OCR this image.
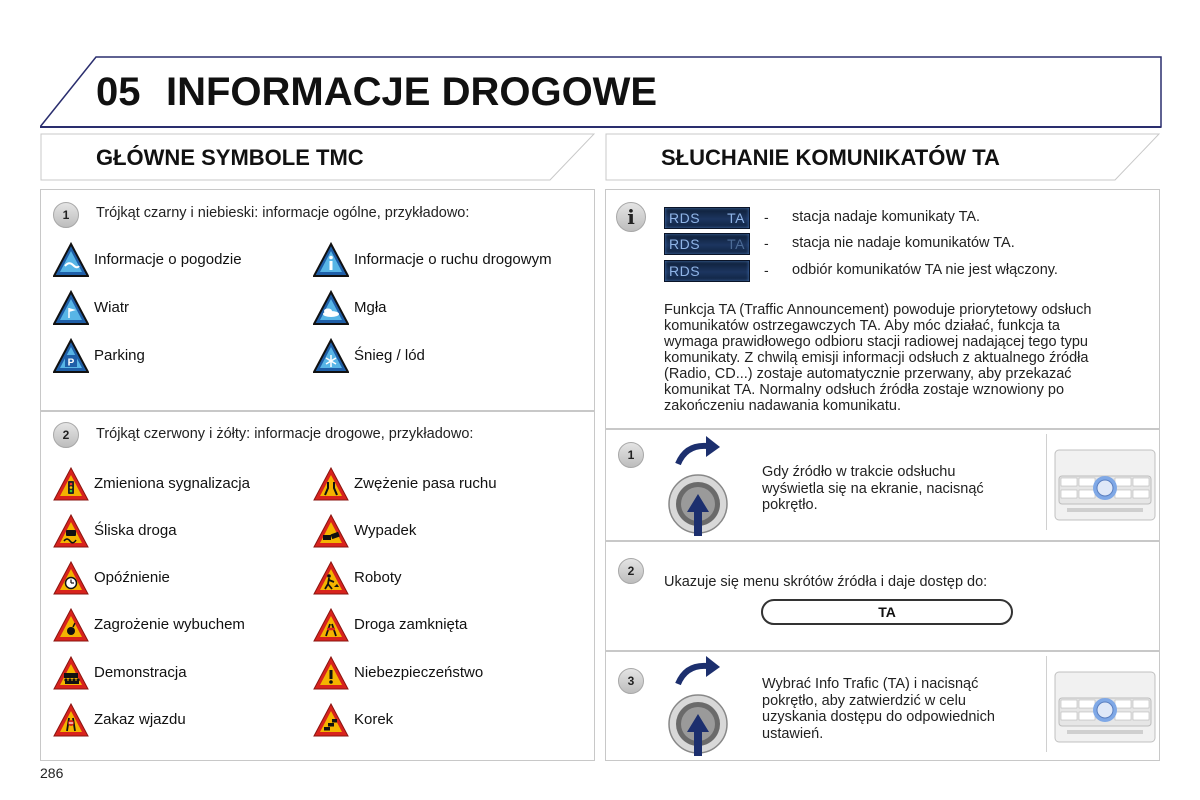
05 INFORMACJE DROGOWE
GŁÓWNE SYMBOLE TMC	SŁUCHANIE KOMUNIKATÓW TA
1	Trójkąt czarny i niebieski: informacje ogólne, przykładowo:
Informacje o pogodzie	Informacje o ruchu drogowym
Wiatr	Mgła
P Parking	Śnieg / lód
2	Trójkąt czerwony i żółty: informacje drogowe, przykładowo:
Zmieniona sygnalizacja	Zwężenie pasa ruchu
Śliska droga	Wypadek
Opóźnienie	Roboty
Zagrożenie wybuchem	Droga zamknięta
Demonstracja	Niebezpieczeństwo
Zakaz wjazdu	Korek
i	RDS TA - stacja nadaje komunikaty TA.
RDS TA - stacja nie nadaje komunikatów TA.
RDS	- odbiór komunikatów TA nie jest włączony.
Funkcja TA (Traffic Announcement) powoduje priorytetowy odsłuch
komunikatów ostrzegawczych TA. Aby móc działać, funkcja ta
wymaga prawidłowego odbioru stacji radiowej nadającej tego typu
komunikaty. Z chwilą emisji informacji odsłuch z aktualnego źródła
(Radio, CD...) zostaje automatycznie przerwany, aby przekazać
komunikat TA. Normalny odsłuch źródła zostaje wznowiony po
zakończeniu nadawania komunikatu.
1
Gdy źródło w trakcie odsłuchu
wyświetla się na ekranie, nacisnąć
pokrętło.
2
Ukazuje się menu skrótów źródła i daje dostęp do:
TA
3	Wybrać Info Trafic (TA) i nacisnąć
pokrętło, aby zatwierdzić w celu
uzyskania dostępu do odpowiednich
ustawień.
286
